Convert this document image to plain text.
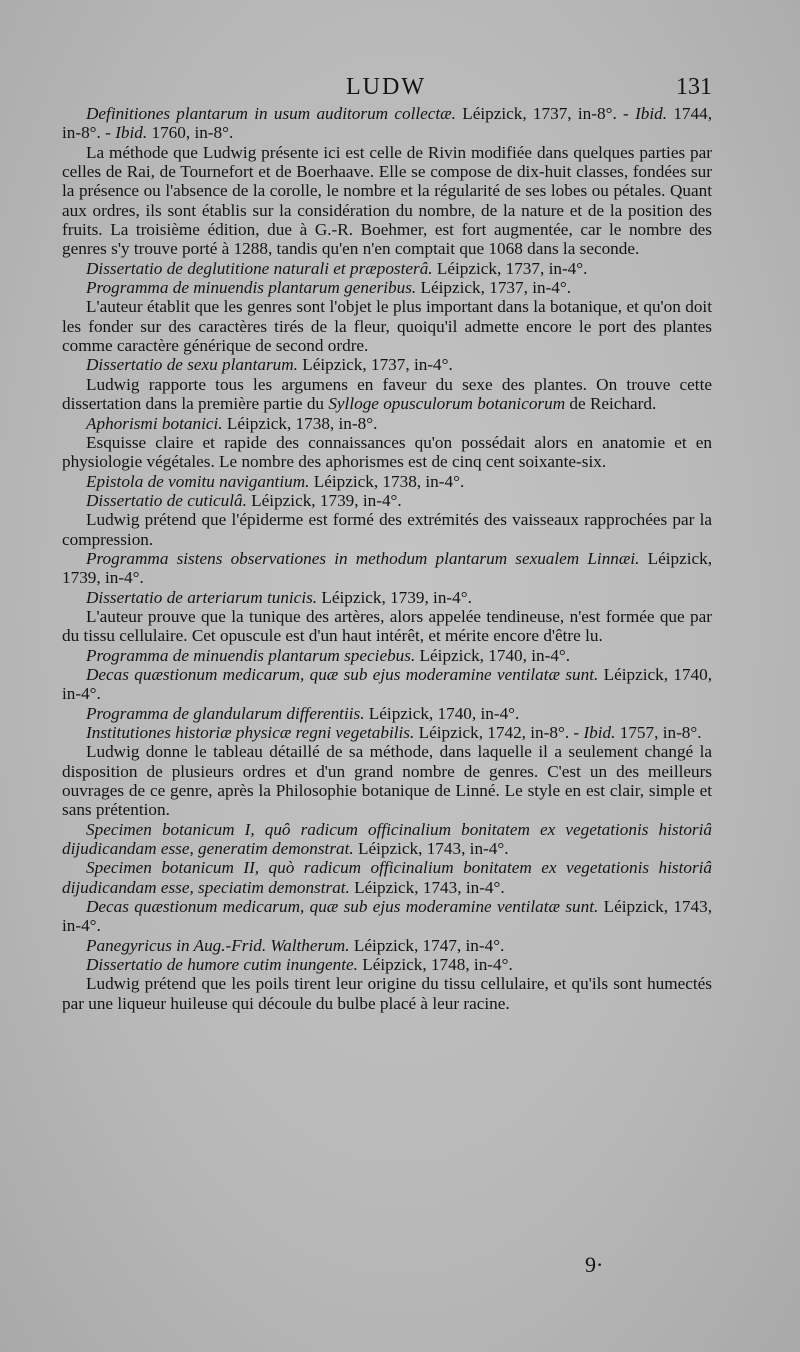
LUDW	131

Definitiones plantarum in usum auditorum collectæ. Léipzick, 1737, in-8°. - Ibid. 1744, in-8°. - Ibid. 1760, in-8°.

La méthode que Ludwig présente ici est celle de Rivin modifiée dans quelques parties par celles de Rai, de Tournefort et de Boerhaave. Elle se compose de dix-huit classes, fondées sur la présence ou l'absence de la corolle, le nombre et la régularité de ses lobes ou pétales. Quant aux ordres, ils sont établis sur la considération du nombre, de la nature et de la position des fruits. La troisième édition, due à G.-R. Boehmer, est fort augmentée, car le nombre des genres s'y trouve porté à 1288, tandis qu'en n'en comptait que 1068 dans la seconde.

Dissertatio de deglutitione naturali et præposterâ. Léipzick, 1737, in-4°.

Programma de minuendis plantarum generibus. Léipzick, 1737, in-4°.

L'auteur établit que les genres sont l'objet le plus important dans la botanique, et qu'on doit les fonder sur des caractères tirés de la fleur, quoiqu'il admette encore le port des plantes comme caractère générique de second ordre.

Dissertatio de sexu plantarum. Léipzick, 1737, in-4°.

Ludwig rapporte tous les argumens en faveur du sexe des plantes. On trouve cette dissertation dans la première partie du Sylloge opusculorum botanicorum de Reichard.

Aphorismi botanici. Léipzick, 1738, in-8°.

Esquisse claire et rapide des connaissances qu'on possédait alors en anatomie et en physiologie végétales. Le nombre des aphorismes est de cinq cent soixante-six.

Epistola de vomitu navigantium. Léipzick, 1738, in-4°.

Dissertatio de cuticulâ. Léipzick, 1739, in-4°.

Ludwig prétend que l'épiderme est formé des extrémités des vaisseaux rapprochées par la compression.

Programma sistens observationes in methodum plantarum sexualem Linnæi. Léipzick, 1739, in-4°.

Dissertatio de arteriarum tunicis. Léipzick, 1739, in-4°.

L'auteur prouve que la tunique des artères, alors appelée tendineuse, n'est formée que par du tissu cellulaire. Cet opuscule est d'un haut intérêt, et mérite encore d'être lu.

Programma de minuendis plantarum speciebus. Léipzick, 1740, in-4°.

Decas quæstionum medicarum, quæ sub ejus moderamine ventilatæ sunt. Léipzick, 1740, in-4°.

Programma de glandularum differentiis. Léipzick, 1740, in-4°.

Institutiones historiæ physicæ regni vegetabilis. Léipzick, 1742, in-8°. - Ibid. 1757, in-8°.

Ludwig donne le tableau détaillé de sa méthode, dans laquelle il a seulement changé la disposition de plusieurs ordres et d'un grand nombre de genres. C'est un des meilleurs ouvrages de ce genre, après la Philosophie botanique de Linné. Le style en est clair, simple et sans prétention.

Specimen botanicum I, quô radicum officinalium bonitatem ex vegetationis historiâ dijudicandam esse, generatim demonstrat. Léipzick, 1743, in-4°.

Specimen botanicum II, quò radicum officinalium bonitatem ex vegetationis historiâ dijudicandam esse, speciatim demonstrat. Léipzick, 1743, in-4°.

Decas quæstionum medicarum, quæ sub ejus moderamine ventilatæ sunt. Léipzick, 1743, in-4°.

Panegyricus in Aug.-Frid. Waltherum. Léipzick, 1747, in-4°.

Dissertatio de humore cutim inungente. Léipzick, 1748, in-4°.

Ludwig prétend que les poils tirent leur origine du tissu cellulaire, et qu'ils sont humectés par une liqueur huileuse qui découle du bulbe placé à leur racine.

9·
